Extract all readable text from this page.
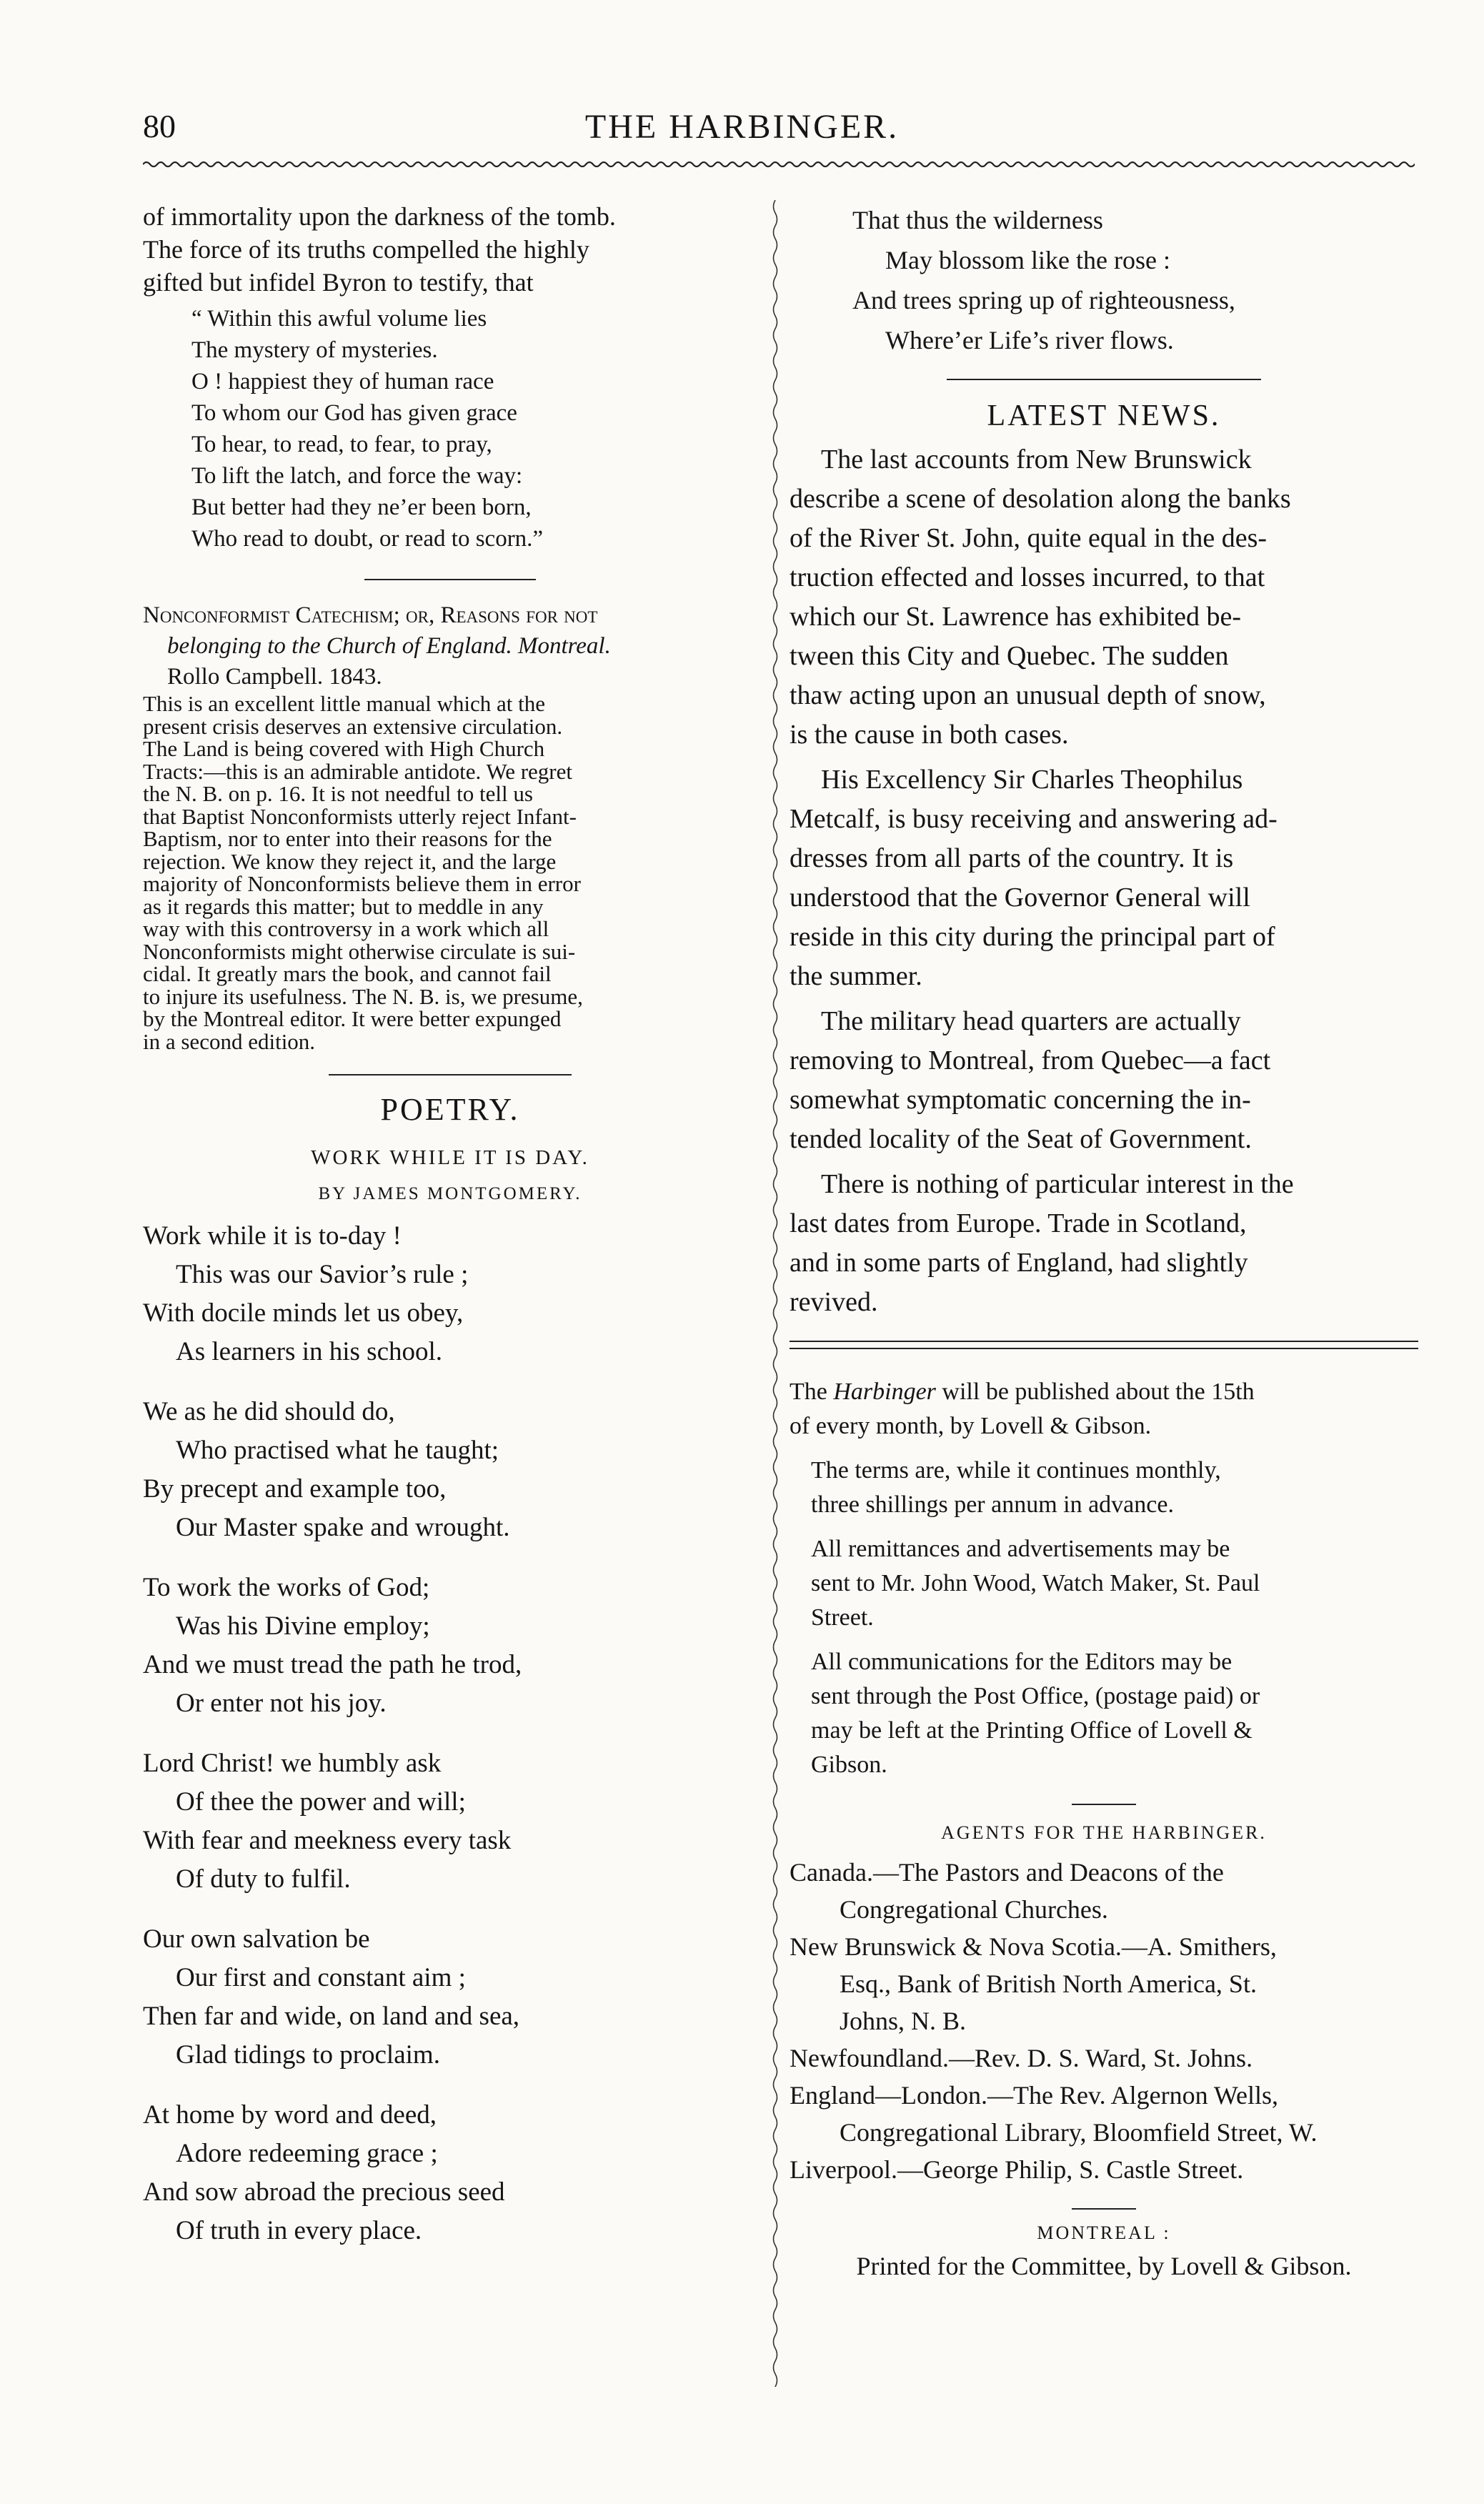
80	THE HARBINGER.
of immortality upon the darkness of the tomb.
The force of its truths compelled the highly
gifted but infidel Byron to testify, that
“ Within this awful volume lies
The mystery of mysteries.
O ! happiest they of human race
To whom our God has given grace
To hear, to read, to fear, to pray,
To lift the latch, and force the way:
But better had they ne’er been born,
Who read to doubt, or read to scorn.”
Nonconformist Catechism; or, Reasons for not
belonging to the Church of England. Montreal.
Rollo Campbell. 1843.
This is an excellent little manual which at the
present crisis deserves an extensive circulation.
The Land is being covered with High Church
Tracts:—this is an admirable antidote. We regret
the N. B. on p. 16. It is not needful to tell us
that Baptist Nonconformists utterly reject Infant-
Baptism, nor to enter into their reasons for the
rejection. We know they reject it, and the large
majority of Nonconformists believe them in error
as it regards this matter; but to meddle in any
way with this controversy in a work which all
Nonconformists might otherwise circulate is sui-
cidal. It greatly mars the book, and cannot fail
to injure its usefulness. The N. B. is, we presume,
by the Montreal editor. It were better expunged
in a second edition.
POETRY.
WORK WHILE IT IS DAY.
BY JAMES MONTGOMERY.
Work while it is to-day !
This was our Savior’s rule ;
With docile minds let us obey,
As learners in his school.
We as he did should do,
Who practised what he taught;
By precept and example too,
Our Master spake and wrought.
To work the works of God;
Was his Divine employ;
And we must tread the path he trod,
Or enter not his joy.
Lord Christ! we humbly ask
Of thee the power and will;
With fear and meekness every task
Of duty to fulfil.
Our own salvation be
Our first and constant aim ;
Then far and wide, on land and sea,
Glad tidings to proclaim.
At home by word and deed,
Adore redeeming grace ;
And sow abroad the precious seed
Of truth in every place.
That thus the wilderness
May blossom like the rose :
And trees spring up of righteousness,
Where’er Life’s river flows.
LATEST NEWS.
The last accounts from New Brunswick
describe a scene of desolation along the banks
of the River St. John, quite equal in the des-
truction effected and losses incurred, to that
which our St. Lawrence has exhibited be-
tween this City and Quebec. The sudden
thaw acting upon an unusual depth of snow,
is the cause in both cases.
His Excellency Sir Charles Theophilus
Metcalf, is busy receiving and answering ad-
dresses from all parts of the country. It is
understood that the Governor General will
reside in this city during the principal part of
the summer.
The military head quarters are actually
removing to Montreal, from Quebec—a fact
somewhat symptomatic concerning the in-
tended locality of the Seat of Government.
There is nothing of particular interest in the
last dates from Europe. Trade in Scotland,
and in some parts of England, had slightly
revived.
The Harbinger will be published about the 15th
of every month, by Lovell & Gibson.
The terms are, while it continues monthly,
three shillings per annum in advance.
All remittances and advertisements may be
sent to Mr. John Wood, Watch Maker, St. Paul
Street.
All communications for the Editors may be
sent through the Post Office, (postage paid) or
may be left at the Printing Office of Lovell &
Gibson.
AGENTS FOR THE HARBINGER.
Canada.—The Pastors and Deacons of the
Congregational Churches.
New Brunswick & Nova Scotia.—A. Smithers,
Esq., Bank of British North America, St.
Johns, N. B.
Newfoundland.—Rev. D. S. Ward, St. Johns.
England—London.—The Rev. Algernon Wells,
Congregational Library, Bloomfield Street, W.
Liverpool.—George Philip, S. Castle Street.
MONTREAL :
Printed for the Committee, by Lovell & Gibson.
